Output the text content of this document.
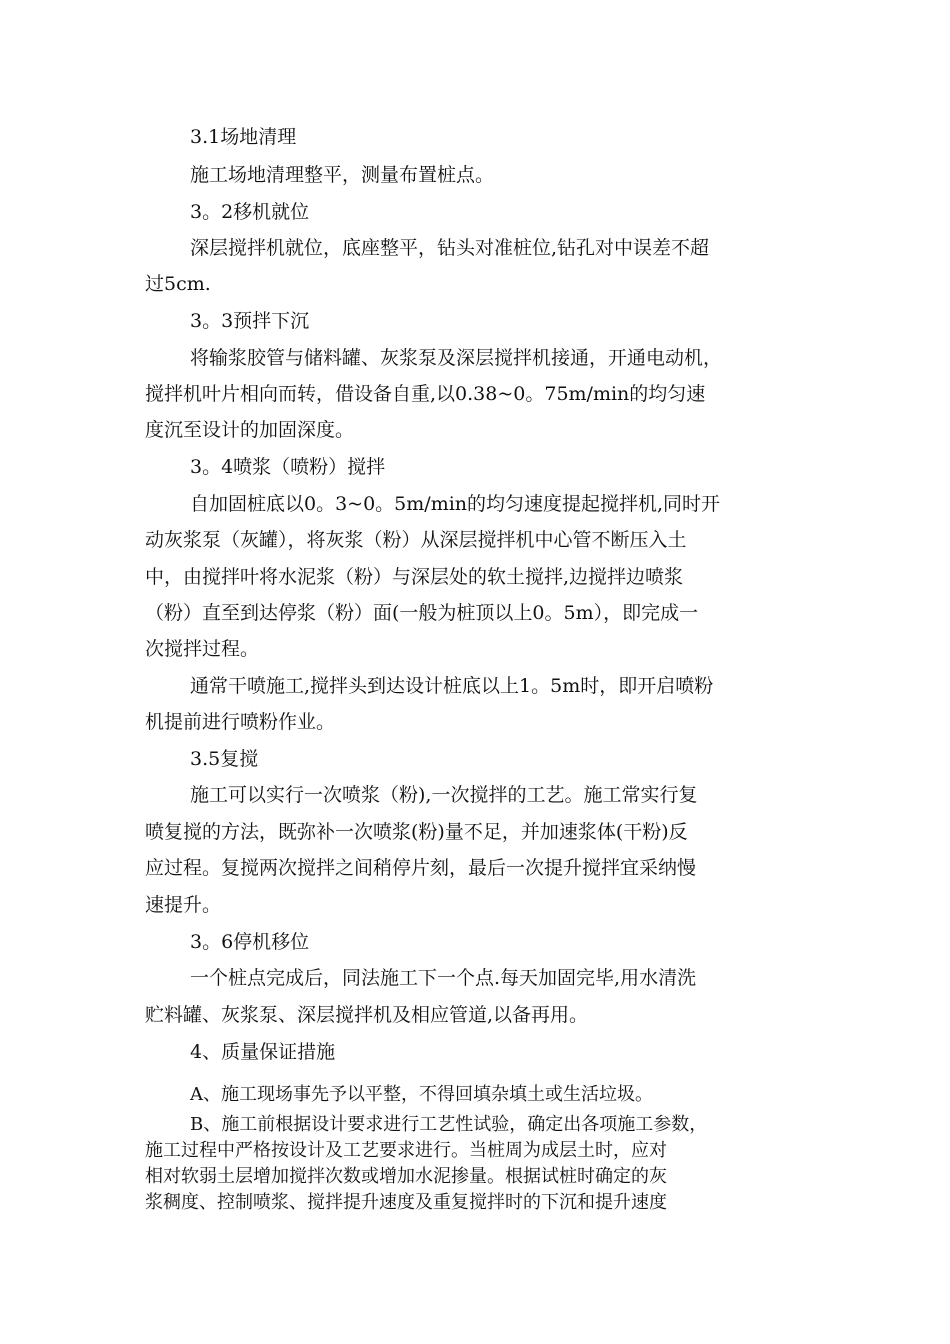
3.1场地清理
施工场地清理整平，测量布置桩点。
3。2移机就位
深层搅拌机就位，底座整平，钻头对准桩位,钻孔对中误差不超
过5cm.
3。3预拌下沉
将输浆胶管与储料罐、灰浆泵及深层搅拌机接通，开通电动机，
搅拌机叶片相向而转，借设备自重,以0.38~0。75m/min的均匀速
度沉至设计的加固深度。
3。4喷浆（喷粉）搅拌
自加固桩底以0。3~0。5m/min的均匀速度提起搅拌机,同时开
动灰浆泵（灰罐），将灰浆（粉）从深层搅拌机中心管不断压入土
中，由搅拌叶将水泥浆（粉）与深层处的软土搅拌,边搅拌边喷浆
（粉）直至到达停浆（粉）面(一般为桩顶以上0。5m），即完成一
次搅拌过程。
通常干喷施工,搅拌头到达设计桩底以上1。5m时，即开启喷粉
机提前进行喷粉作业。
3.5复搅
施工可以实行一次喷浆（粉),一次搅拌的工艺。施工常实行复
喷复搅的方法，既弥补一次喷浆(粉)量不足，并加速浆体(干粉)反
应过程。复搅两次搅拌之间稍停片刻，最后一次提升搅拌宜采纳慢
速提升。
3。6停机移位
一个桩点完成后，同法施工下一个点.每天加固完毕,用水清洗
贮料罐、灰浆泵、深层搅拌机及相应管道,以备再用。
4、质量保证措施
A、施工现场事先予以平整，不得回填杂填土或生活垃圾。
B、施工前根据设计要求进行工艺性试验，确定出各项施工参数，
施工过程中严格按设计及工艺要求进行。当桩周为成层土时，应对
相对软弱土层增加搅拌次数或增加水泥掺量。根据试桩时确定的灰
浆稠度、控制喷浆、搅拌提升速度及重复搅拌时的下沉和提升速度
